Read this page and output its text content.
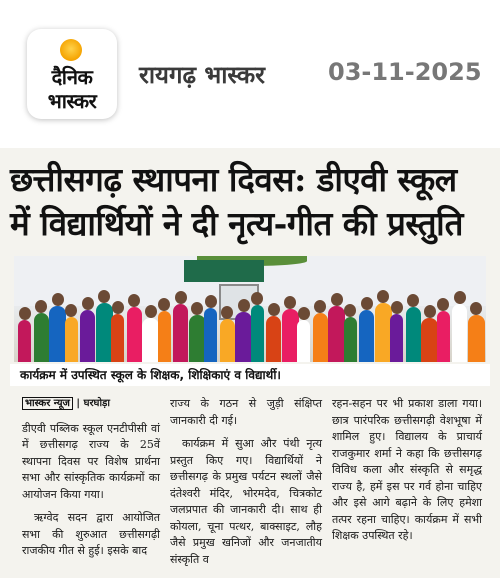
दैनिक
भास्कर
रायगढ़ भास्कर	03-11-2025
छत्तीसगढ़ स्थापना दिवस: डीएवी स्कूल
में विद्यार्थियों ने दी नृत्य-गीत की प्रस्तुति
कार्यक्रम में उपस्थित स्कूल के शिक्षक, शिक्षिकाएं व विद्यार्थी।
भास्कर न्यूज | घरघोड़ा
डीएवी पब्लिक स्कूल एनटीपीसी वां में छत्तीसगढ़ राज्य के 25वें स्थापना दिवस पर विशेष प्रार्थना सभा और सांस्कृतिक कार्यक्रमों का आयोजन किया गया।
ऋग्वेद सदन द्वारा आयोजित सभा की शुरुआत छत्तीसगढ़ी राजकीय गीत से हुई। इसके बाद
राज्य के गठन से जुड़ी संक्षिप्त जानकारी दी गई।
कार्यक्रम में सुआ और पंथी नृत्य प्रस्तुत किए गए। विद्यार्थियों ने छत्तीसगढ़ के प्रमुख पर्यटन स्थलों जैसे दंतेश्वरी मंदिर, भोरमदेव, चित्रकोट जलप्रपात की जानकारी दी। साथ ही कोयला, चूना पत्थर, बाक्साइट, लौह जैसे प्रमुख खनिजों और जनजातीय संस्कृति व
रहन-सहन पर भी प्रकाश डाला गया। छात्र पारंपरिक छत्तीसगढ़ी वेशभूषा में शामिल हुए। विद्यालय के प्राचार्य राजकुमार शर्मा ने कहा कि छत्तीसगढ़ विविध कला और संस्कृति से समृद्ध राज्य है, हमें इस पर गर्व होना चाहिए और इसे आगे बढ़ाने के लिए हमेशा तत्पर रहना चाहिए। कार्यक्रम में सभी शिक्षक उपस्थित रहे।
